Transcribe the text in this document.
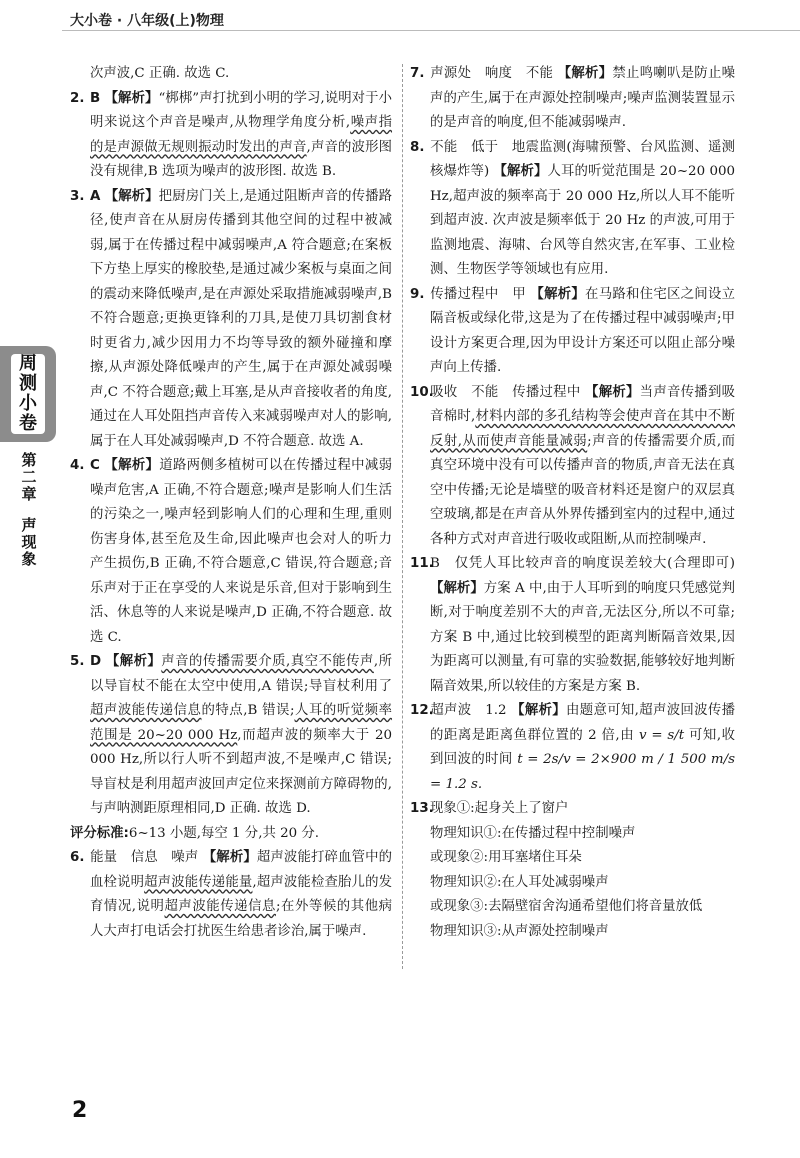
大小卷 · 八年级(上)物理
周
测
小
卷
第
二
章
声
现
象

次声波,C 正确. 故选 C.

2. B 【解析】“梆梆”声打扰到小明的学习,说明对于小明来说这个声音是噪声,从物理学角度分析,噪声指的是声源做无规则振动时发出的声音,声音的波形图没有规律,B 选项为噪声的波形图. 故选 B.

3. A 【解析】把厨房门关上,是通过阻断声音的传播路径,使声音在从厨房传播到其他空间的过程中被减弱,属于在传播过程中减弱噪声,A 符合题意;在案板下方垫上厚实的橡胶垫,是通过减少案板与桌面之间的震动来降低噪声,是在声源处采取措施减弱噪声,B 不符合题意;更换更锋利的刀具,是使刀具切割食材时更省力,减少因用力不均等导致的额外碰撞和摩擦,从声源处降低噪声的产生,属于在声源处减弱噪声,C 不符合题意;戴上耳塞,是从声音接收者的角度,通过在人耳处阻挡声音传入来减弱噪声对人的影响,属于在人耳处减弱噪声,D 不符合题意. 故选 A.

4. C 【解析】道路两侧多植树可以在传播过程中减弱噪声危害,A 正确,不符合题意;噪声是影响人们生活的污染之一,噪声轻到影响人们的心理和生理,重则伤害身体,甚至危及生命,因此噪声也会对人的听力产生损伤,B 正确,不符合题意,C 错误,符合题意;音乐声对于正在享受的人来说是乐音,但对于影响到生活、休息等的人来说是噪声,D 正确,不符合题意. 故选 C.

5. D 【解析】声音的传播需要介质,真空不能传声,所以导盲杖不能在太空中使用,A 错误;导盲杖利用了超声波能传递信息的特点,B 错误;人耳的听觉频率范围是 20~20 000 Hz,而超声波的频率大于 20 000 Hz,所以行人听不到超声波,不是噪声,C 错误;导盲杖是利用超声波回声定位来探测前方障碍物的,与声呐测距原理相同,D 正确. 故选 D.

评分标准:6~13 小题,每空 1 分,共 20 分.

6. 能量　信息　噪声 【解析】超声波能打碎血管中的血栓说明超声波能传递能量,超声波能检查胎儿的发育情况,说明超声波能传递信息;在外等候的其他病人大声打电话会打扰医生给患者诊治,属于噪声.

7. 声源处　响度　不能 【解析】禁止鸣喇叭是防止噪声的产生,属于在声源处控制噪声;噪声监测装置显示的是声音的响度,但不能减弱噪声.

8. 不能　低于　地震监测(海啸预警、台风监测、遥测核爆炸等) 【解析】人耳的听觉范围是 20~20 000 Hz,超声波的频率高于 20 000 Hz,所以人耳不能听到超声波. 次声波是频率低于 20 Hz 的声波,可用于监测地震、海啸、台风等自然灾害,在军事、工业检测、生物医学等领域也有应用.

9. 传播过程中　甲 【解析】在马路和住宅区之间设立隔音板或绿化带,这是为了在传播过程中减弱噪声;甲设计方案更合理,因为甲设计方案还可以阻止部分噪声向上传播.

10.吸收　不能　传播过程中 【解析】当声音传播到吸音棉时,材料内部的多孔结构等会使声音在其中不断反射,从而使声音能量减弱;声音的传播需要介质,而真空环境中没有可以传播声音的物质,声音无法在真空中传播;无论是墙壁的吸音材料还是窗户的双层真空玻璃,都是在声音从外界传播到室内的过程中,通过各种方式对声音进行吸收或阻断,从而控制噪声.

11.B　仅凭人耳比较声音的响度误差较大(合理即可) 【解析】方案 A 中,由于人耳听到的响度只凭感觉判断,对于响度差别不大的声音,无法区分,所以不可靠;方案 B 中,通过比较到模型的距离判断隔音效果,因为距离可以测量,有可靠的实验数据,能够较好地判断隔音效果,所以较佳的方案是方案 B.

12.超声波　1.2 【解析】由题意可知,超声波回波传播的距离是距离鱼群位置的 2 倍,由 v = s/t 可知,收到回波的时间 t = 2s/v = 2×900 m / 1 500 m/s = 1.2 s.

13.现象①:起身关上了窗户

物理知识①:在传播过程中控制噪声

或现象②:用耳塞堵住耳朵

物理知识②:在人耳处减弱噪声

或现象③:去隔壁宿舍沟通希望他们将音量放低

物理知识③:从声源处控制噪声

2
